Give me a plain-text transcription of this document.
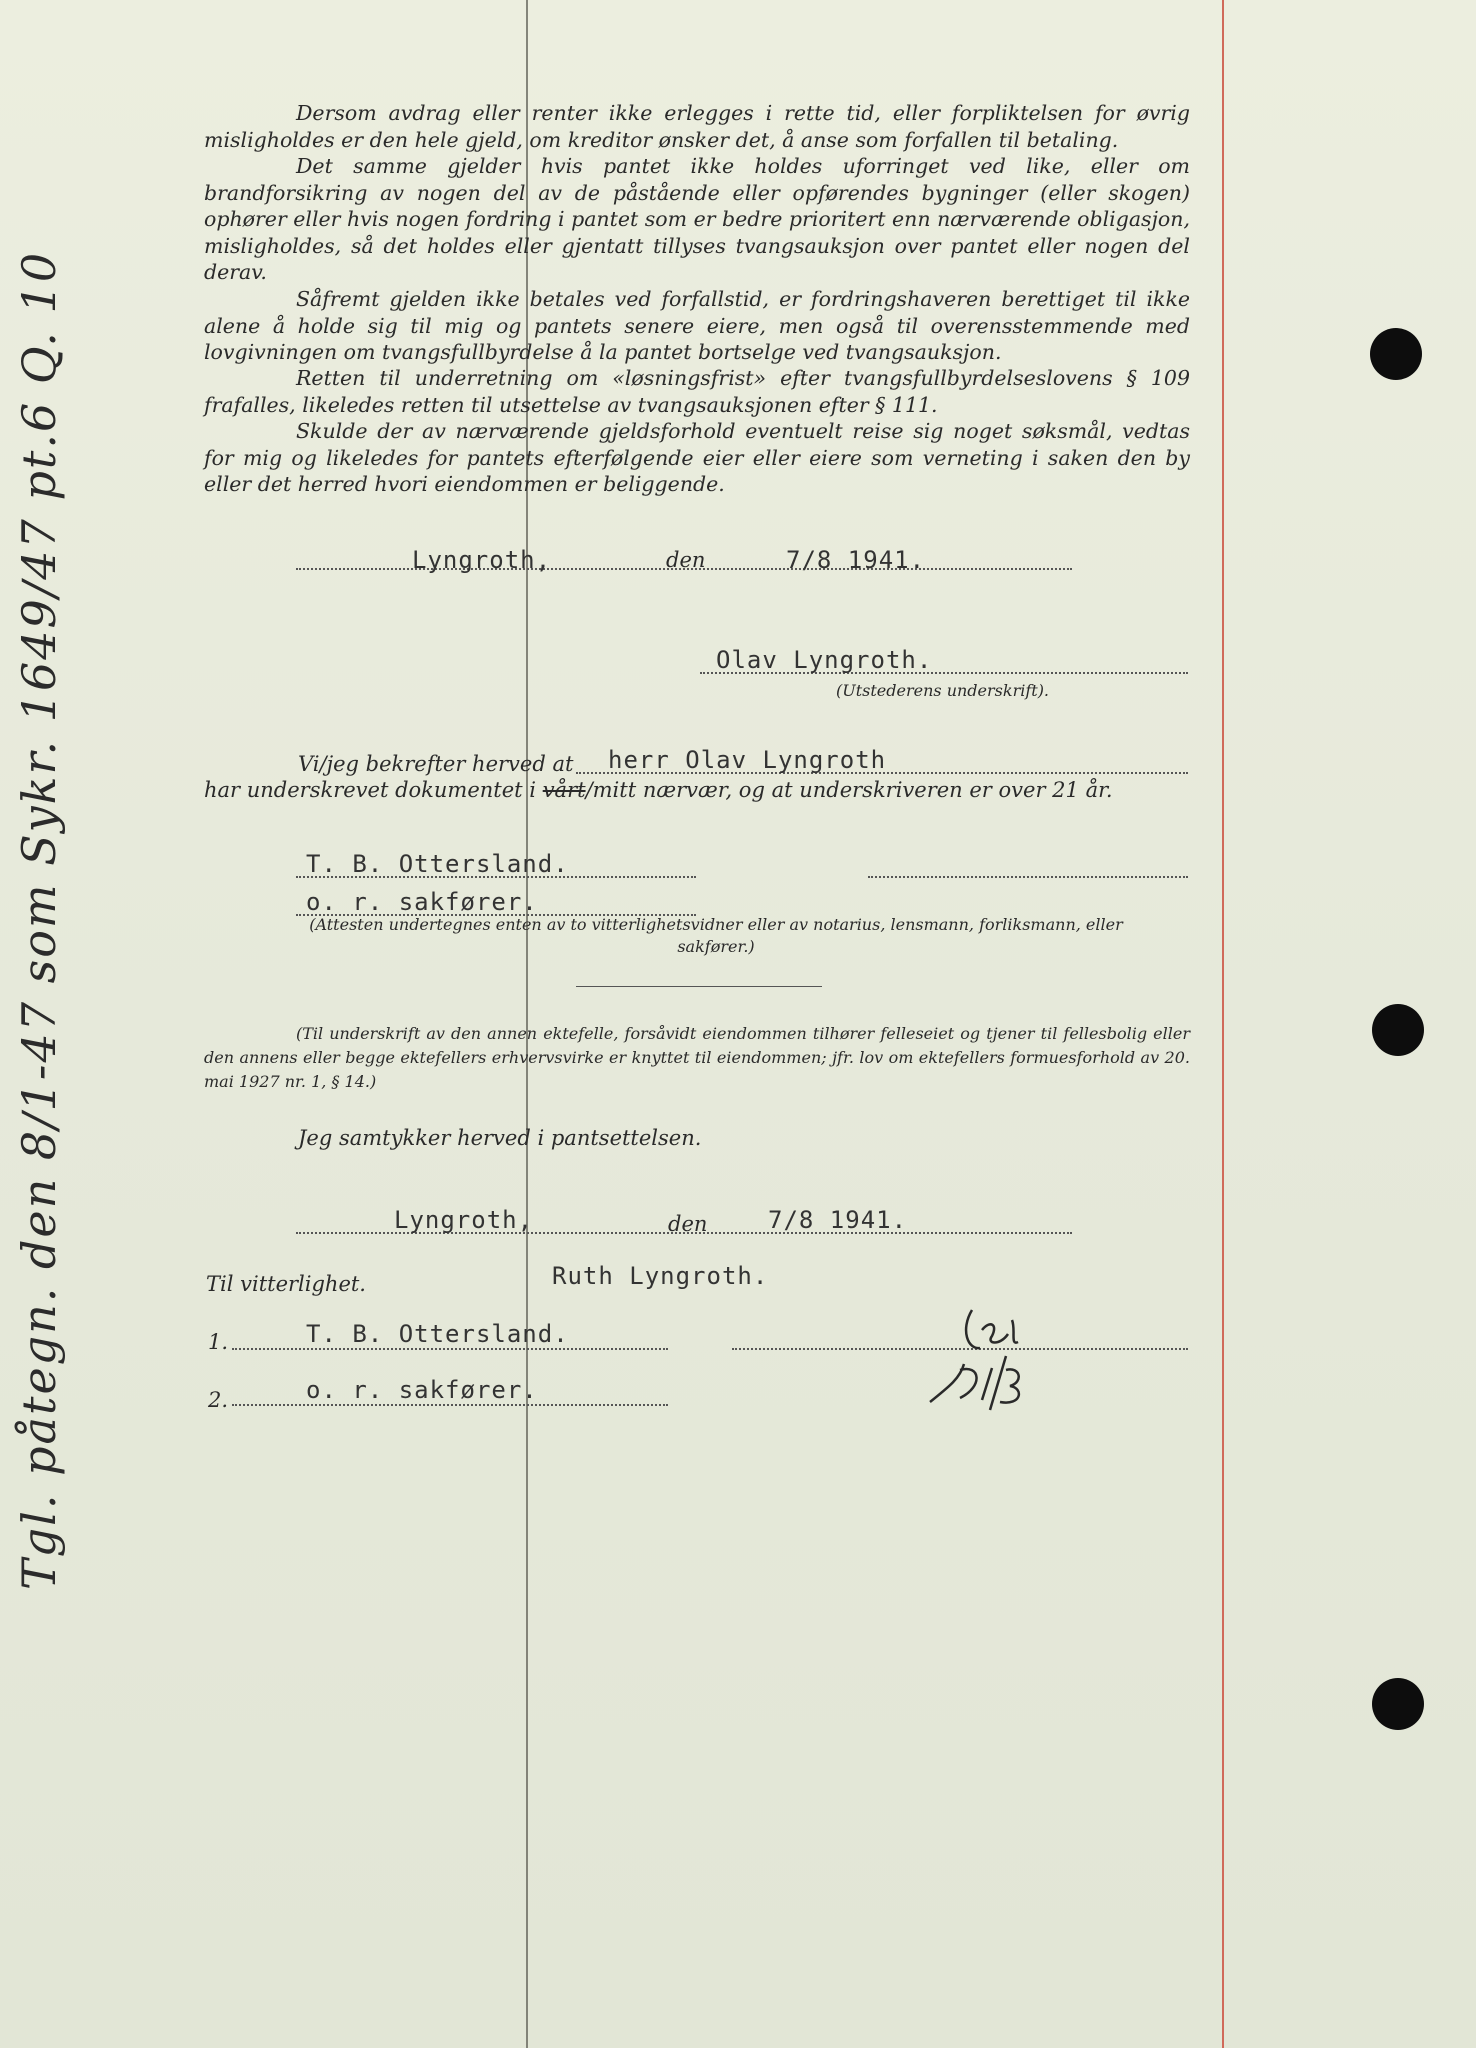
Dersom avdrag eller renter ikke erlegges i rette tid, eller forpliktelsen for øvrig misligholdes er den hele gjeld, om kreditor ønsker det, å anse som forfallen til betaling.

Det samme gjelder hvis pantet ikke holdes uforringet ved like, eller om brandforsikring av nogen del av de påstående eller opførendes bygninger (eller skogen) ophører eller hvis nogen fordring i pantet som er bedre prioritert enn nærværende obligasjon, misligholdes, så det holdes eller gjentatt tillyses tvangsauksjon over pantet eller nogen del derav.

Såfremt gjelden ikke betales ved forfallstid, er fordringshaveren berettiget til ikke alene å holde sig til mig og pantets senere eiere, men også til overensstemmende med lovgivningen om tvangsfullbyrdelse å la pantet bortselge ved tvangsauksjon.

Retten til underretning om «løsningsfrist» efter tvangsfullbyrdelseslovens § 109 frafalles, likeledes retten til utsettelse av tvangsauksjonen efter § 111.

Skulde der av nærværende gjeldsforhold eventuelt reise sig noget søksmål, vedtas for mig og likeledes for pantets efterfølgende eier eller eiere som verneting i saken den by eller det herred hvori eiendommen er beliggende.

Lyngroth,	den	7/8 1941.
Olav Lyngroth.
(Utstederens underskrift).
Vi/jeg bekrefter herved at herr Olav Lyngroth
har underskrevet dokumentet i vårt/mitt nærvær, og at underskriveren er over 21 år.
T. B. Ottersland.
o. r. sakfører.

(Attesten undertegnes enten av to vitterlighetsvidner eller av notarius, lensmann, forliksmann, eller sakfører.)

(Til underskrift av den annen ektefelle, forsåvidt eiendommen tilhører felleseiet og tjener til fellesbolig eller den annens eller begge ektefellers erhvervsvirke er knyttet til eiendommen; jfr. lov om ektefellers formuesforhold av 20. mai 1927 nr. 1, § 14.)

Jeg samtykker herved i pantsettelsen.
Lyngroth,	den	7/8 1941.
Til vitterlighet.	Ruth Lyngroth.
1.	T. B. Ottersland.
2.	o. r. sakfører.
Tgl. påtegn. den 8/1-47 som Sykr. 1649/47 pt.6 Q. 10
